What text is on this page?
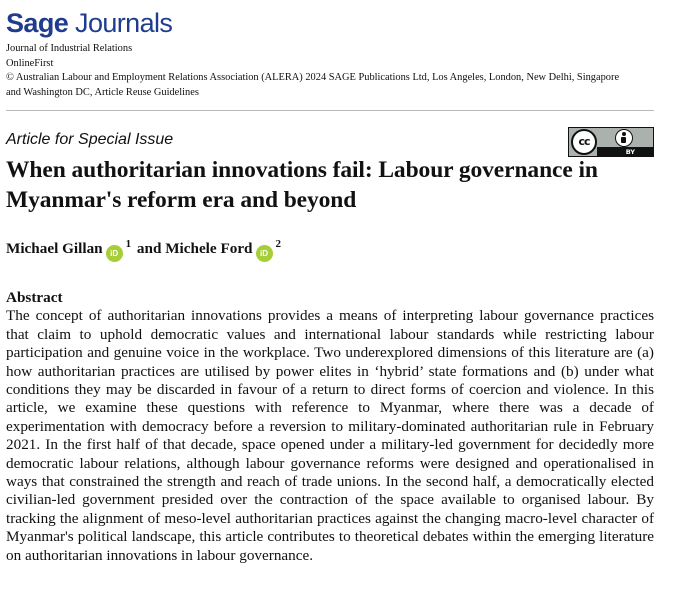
Sage Journals
Journal of Industrial Relations
OnlineFirst
© Australian Labour and Employment Relations Association (ALERA) 2024 SAGE Publications Ltd, Los Angeles, London, New Delhi, Singapore
and Washington DC, Article Reuse Guidelines
Article for Special Issue	cc
BY
When authoritarian innovations fail: Labour governance in Myanmar's reform era and beyond
Michael Gillan $iD^1$ and Michele Ford $iD^2$
Abstract
The concept of authoritarian innovations provides a means of interpreting labour governance practices that claim to uphold democratic values and international labour standards while restricting labour participation and genuine voice in the workplace. Two underexplored dimensions of this literature are (a) how authoritarian practices are utilised by power elites in ‘hybrid’ state formations and (b) under what conditions they may be discarded in favour of a return to direct forms of coercion and violence. In this article, we examine these questions with reference to Myanmar, where there was a decade of experimentation with democracy before a reversion to military-dominated authoritarian rule in February 2021. In the first half of that decade, space opened under a military-led government for decidedly more democratic labour relations, although labour governance reforms were designed and operationalised in ways that constrained the strength and reach of trade unions. In the second half, a democratically elected civilian-led government presided over the contraction of the space available to organised labour. By tracking the alignment of meso-level authoritarian practices against the changing macro-level character of Myanmar's political landscape, this article contributes to theoretical debates within the emerging literature on authoritarian innovations in labour governance.
